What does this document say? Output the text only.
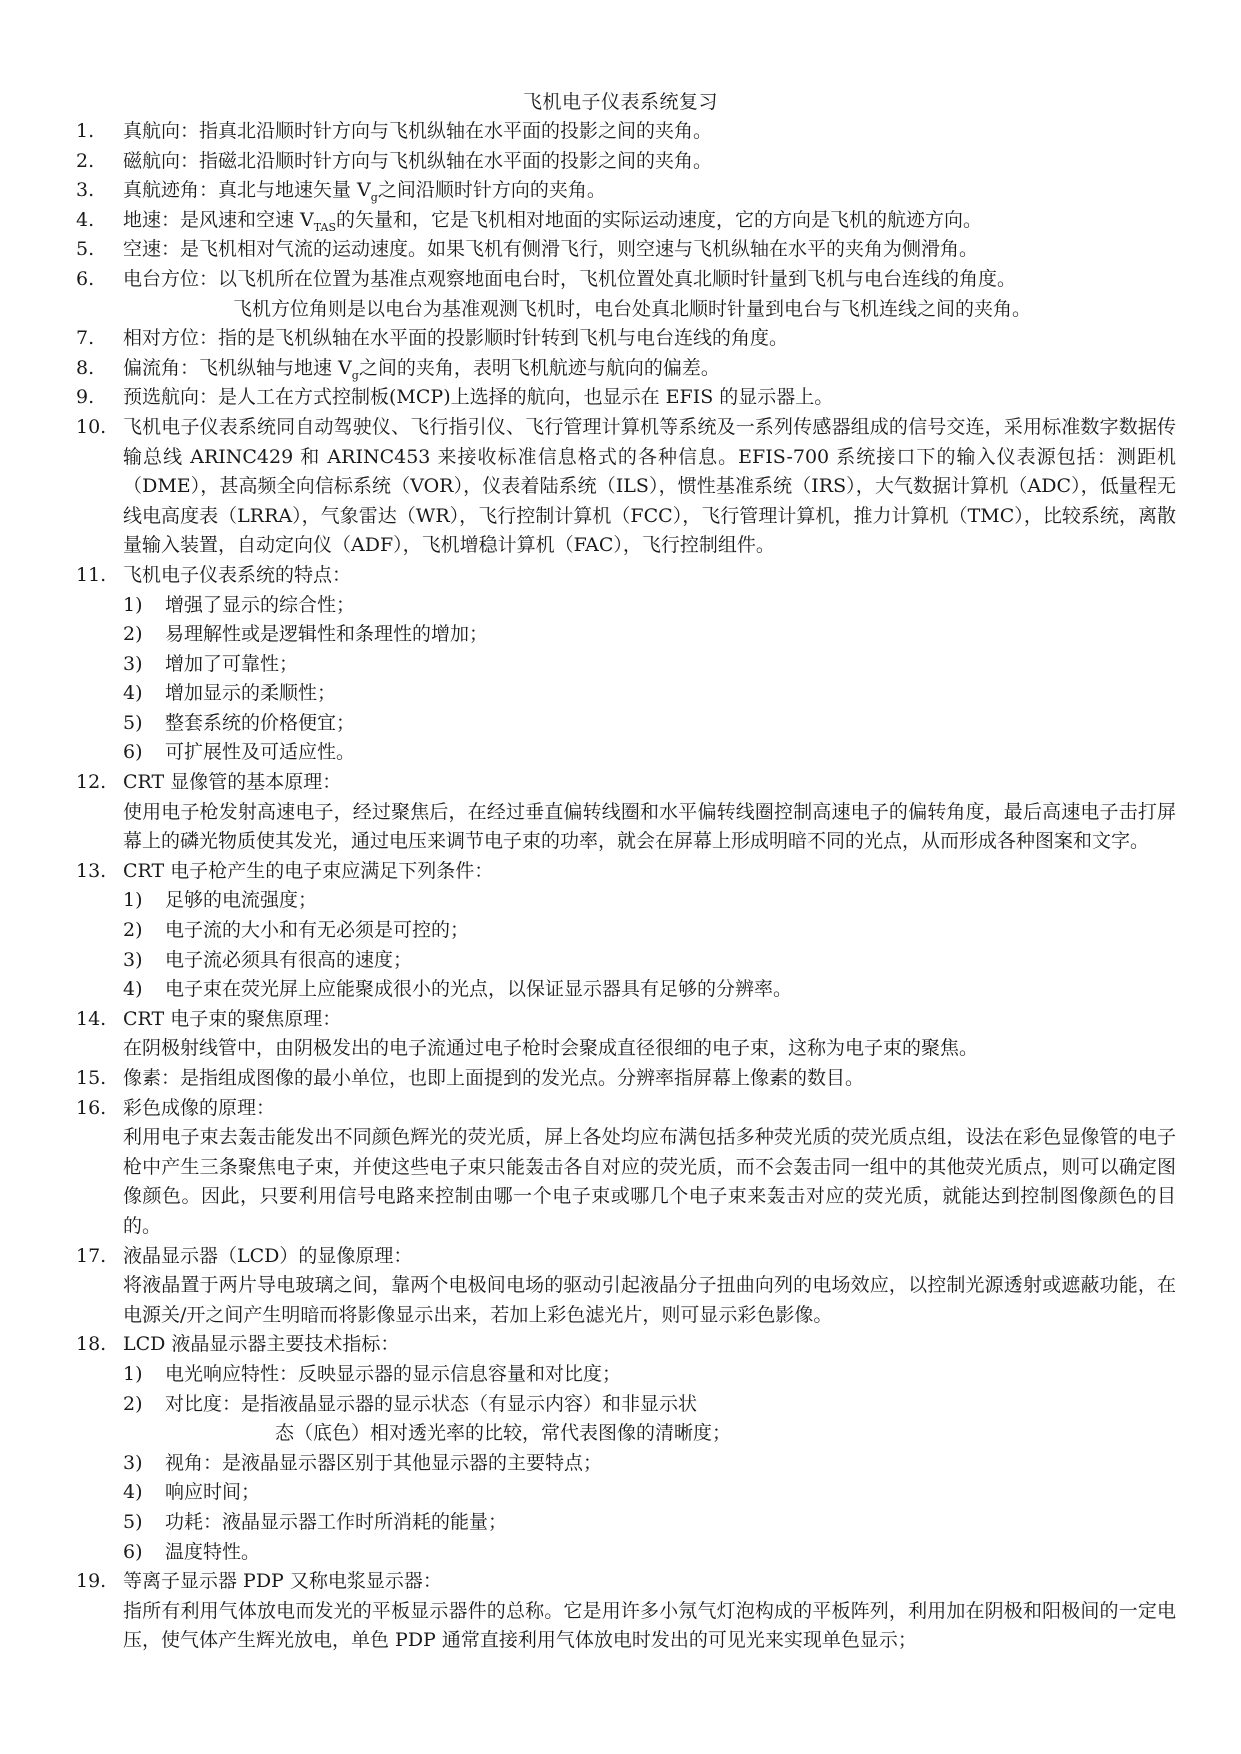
飞机电子仪表系统复习
1.	真航向：指真北沿顺时针方向与飞机纵轴在水平面的投影之间的夹角。
2.	磁航向：指磁北沿顺时针方向与飞机纵轴在水平面的投影之间的夹角。
3.	真航迹角：真北与地速矢量 $V_g$之间沿顺时针方向的夹角。
4.	地速：是风速和空速 $V_{TAS}$的矢量和，它是飞机相对地面的实际运动速度，它的方向是飞机的航迹方向。
5.	空速：是飞机相对气流的运动速度。如果飞机有侧滑飞行，则空速与飞机纵轴在水平的夹角为侧滑角。
6.	电台方位：以飞机所在位置为基准点观察地面电台时，飞机位置处真北顺时针量到飞机与电台连线的角度。
飞机方位角则是以电台为基准观测飞机时，电台处真北顺时针量到电台与飞机连线之间的夹角。
7.	相对方位：指的是飞机纵轴在水平面的投影顺时针转到飞机与电台连线的角度。
8.	偏流角：飞机纵轴与地速 $V_g$之间的夹角，表明飞机航迹与航向的偏差。
9.	预选航向：是人工在方式控制板(MCP)上选择的航向，也显示在 EFIS 的显示器上。
10. 飞机电子仪表系统同自动驾驶仪、飞行指引仪、飞行管理计算机等系统及一系列传感器组成的信号交连，采用标准数字数据传输总线 ARINC429 和 ARINC453 来接收标准信息格式的各种信息。EFIS-700 系统接口下的输入仪表源包括：测距机（DME），甚高频全向信标系统（VOR），仪表着陆系统（ILS），惯性基准系统（IRS），大气数据计算机（ADC），低量程无线电高度表（LRRA），气象雷达（WR），飞行控制计算机（FCC），飞行管理计算机，推力计算机（TMC），比较系统，离散量输入装置，自动定向仪（ADF），飞机增稳计算机（FAC），飞行控制组件。
11. 飞机电子仪表系统的特点：
1) 增强了显示的综合性；
2) 易理解性或是逻辑性和条理性的增加；
3) 增加了可靠性；
4) 增加显示的柔顺性；
5) 整套系统的价格便宜；
6) 可扩展性及可适应性。
12. CRT 显像管的基本原理：
使用电子枪发射高速电子，经过聚焦后，在经过垂直偏转线圈和水平偏转线圈控制高速电子的偏转角度，最后高速电子击打屏幕上的磷光物质使其发光，通过电压来调节电子束的功率，就会在屏幕上形成明暗不同的光点，从而形成各种图案和文字。
13. CRT 电子枪产生的电子束应满足下列条件：
1) 足够的电流强度；
2) 电子流的大小和有无必须是可控的；
3) 电子流必须具有很高的速度；
4) 电子束在荧光屏上应能聚成很小的光点，以保证显示器具有足够的分辨率。
14. CRT 电子束的聚焦原理：
在阴极射线管中，由阴极发出的电子流通过电子枪时会聚成直径很细的电子束，这称为电子束的聚焦。
15. 像素：是指组成图像的最小单位，也即上面提到的发光点。分辨率指屏幕上像素的数目。
16. 彩色成像的原理：
利用电子束去轰击能发出不同颜色辉光的荧光质，屏上各处均应布满包括多种荧光质的荧光质点组，设法在彩色显像管的电子枪中产生三条聚焦电子束，并使这些电子束只能轰击各自对应的荧光质，而不会轰击同一组中的其他荧光质点，则可以确定图像颜色。因此，只要利用信号电路来控制由哪一个电子束或哪几个电子束来轰击对应的荧光质，就能达到控制图像颜色的目的。
17. 液晶显示器（LCD）的显像原理：
将液晶置于两片导电玻璃之间，靠两个电极间电场的驱动引起液晶分子扭曲向列的电场效应，以控制光源透射或遮蔽功能，在电源关/开之间产生明暗而将影像显示出来，若加上彩色滤光片，则可显示彩色影像。
18. LCD 液晶显示器主要技术指标：
1) 电光响应特性：反映显示器的显示信息容量和对比度；
2) 对比度：是指液晶显示器的显示状态（有显示内容）和非显示状
态（底色）相对透光率的比较，常代表图像的清晰度；
3) 视角：是液晶显示器区别于其他显示器的主要特点；
4) 响应时间；
5) 功耗：液晶显示器工作时所消耗的能量；
6) 温度特性。
19. 等离子显示器 PDP 又称电浆显示器：
指所有利用气体放电而发光的平板显示器件的总称。它是用许多小氖气灯泡构成的平板阵列，利用加在阴极和阳极间的一定电压，使气体产生辉光放电，单色 PDP 通常直接利用气体放电时发出的可见光来实现单色显示；
